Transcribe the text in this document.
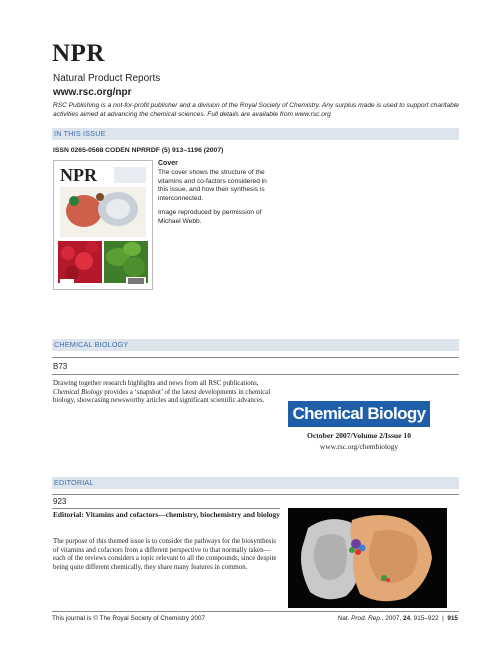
NPR
Natural Product Reports
www.rsc.org/npr
RSC Publishing is a not-for-profit publisher and a division of the Royal Society of Chemistry. Any surplus made is used to support charitable activities aimed at advancing the chemical sciences. Full details are available from www.rsc.org
IN THIS ISSUE
ISSN 0265-0568 CODEN NPRRDF (5) 913–1196 (2007)
NPR
Cover
The cover shows the structure of the vitamins and co-factors considered in this issue, and how their synthesis is interconnected.
Image reproduced by permission of Michael Webb.
CHEMICAL BIOLOGY
B73
Drawing together research highlights and news from all RSC publications, Chemical Biology provides a ‘snapshot’ of the latest developments in chemical biology, showcasing newsworthy articles and significant scientific advances.
Chemical Biology
October 2007/Volume 2/Issue 10
www.rsc.org/chembiology
EDITORIAL
923
Editorial: Vitamins and cofactors—chemistry, biochemistry and biology
The purpose of this themed issue is to consider the pathways for the biosynthesis of vitamins and cofactors from a different perspective to that normally taken—each of the reviews considers a topic relevant to all the compounds, since despite being quite different chemically, they share many features in common.
This journal is © The Royal Society of Chemistry 2007	Nat. Prod. Rep., 2007, 24, 915–922  |  915
